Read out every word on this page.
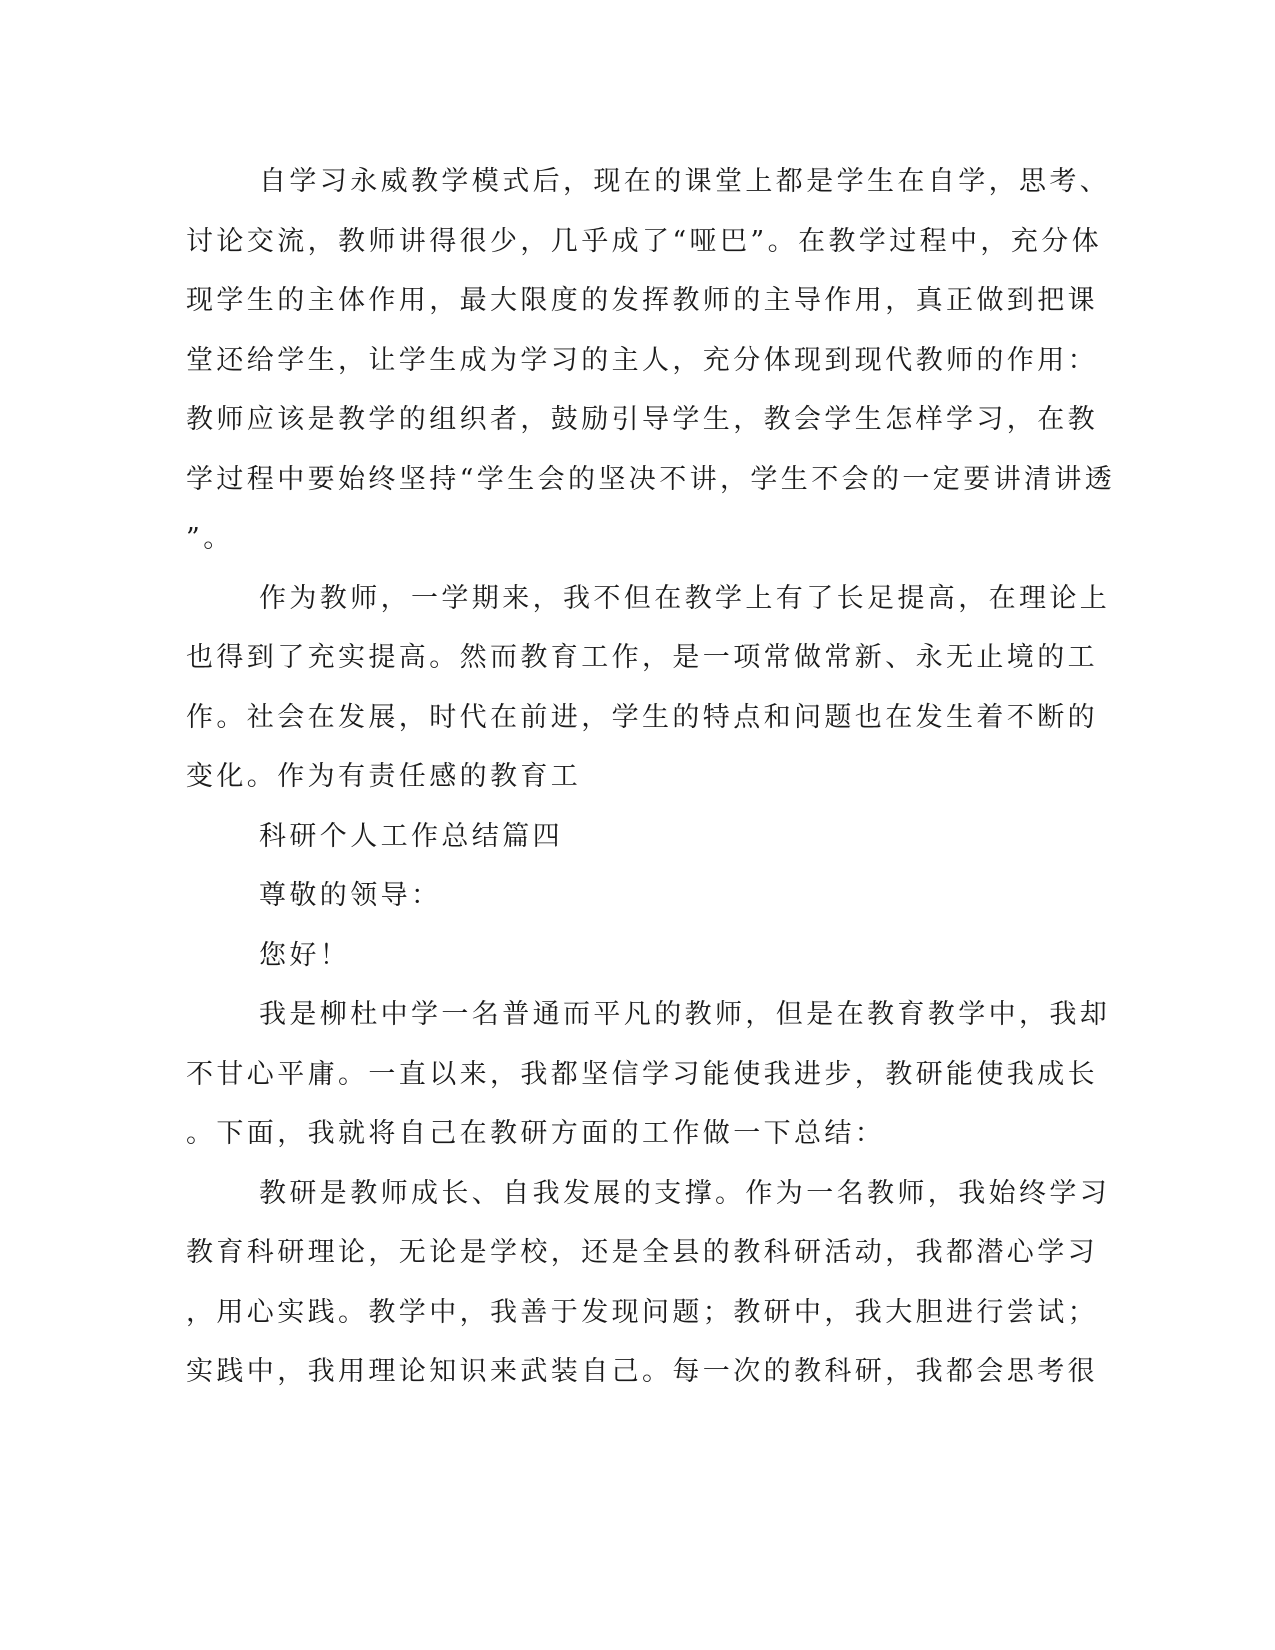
自学习永威教学模式后，现在的课堂上都是学生在自学，思考、
讨论交流，教师讲得很少，几乎成了“哑巴”。在教学过程中，充分体
现学生的主体作用，最大限度的发挥教师的主导作用，真正做到把课
堂还给学生，让学生成为学习的主人，充分体现到现代教师的作用：
教师应该是教学的组织者，鼓励引导学生，教会学生怎样学习，在教
学过程中要始终坚持“学生会的坚决不讲，学生不会的一定要讲清讲透
”。
作为教师，一学期来，我不但在教学上有了长足提高，在理论上
也得到了充实提高。然而教育工作，是一项常做常新、永无止境的工
作。社会在发展，时代在前进，学生的特点和问题也在发生着不断的
变化。作为有责任感的教育工
科研个人工作总结篇四
尊敬的领导：
您好！
我是柳杜中学一名普通而平凡的教师，但是在教育教学中，我却
不甘心平庸。一直以来，我都坚信学习能使我进步，教研能使我成长
。下面，我就将自己在教研方面的工作做一下总结：
教研是教师成长、自我发展的支撑。作为一名教师，我始终学习
教育科研理论，无论是学校，还是全县的教科研活动，我都潜心学习
，用心实践。教学中，我善于发现问题；教研中，我大胆进行尝试；
实践中，我用理论知识来武装自己。每一次的教科研，我都会思考很
